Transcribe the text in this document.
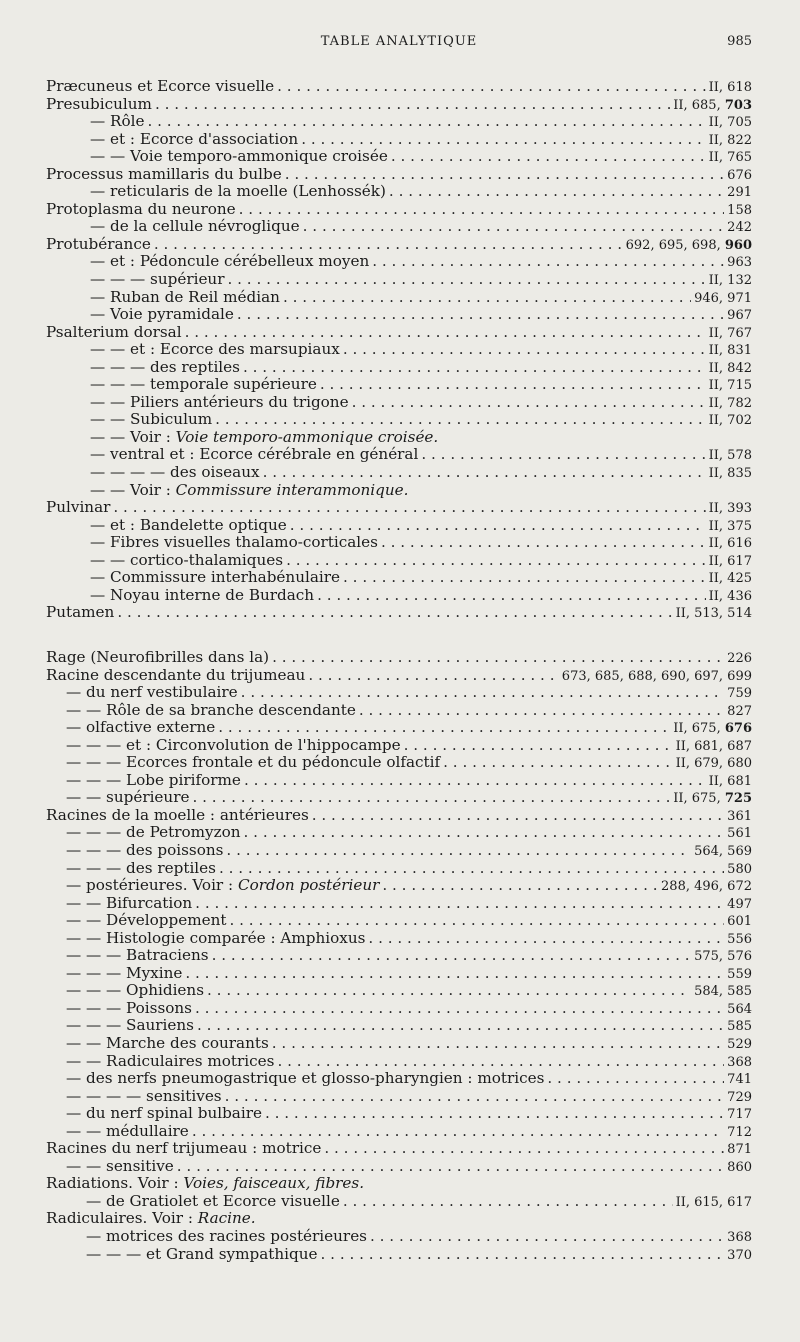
TABLE ANALYTIQUE	985
Præcuneus et Ecorce visuelle . . .	II, 618
Presubiculum . . .	II, 685, 703
— Rôle . . .	II, 705
— et : Ecorce d'association . . .	II, 822
— — Voie temporo-ammonique croisée . . .	II, 765
Processus mamillaris du bulbe . . .	676
— reticularis de la moelle (Lenhossék) . . .	291
Protoplasma du neurone . . .	158
— de la cellule névroglique . . .	242
Protubérance . . .	692, 695, 698, 960
— et : Pédoncule cérébelleux moyen . . .	963
— — — supérieur . . .	II, 132
— Ruban de Reil médian . . .	946, 971
— Voie pyramidale . . .	967
Psalterium dorsal . . .	II, 767
— — et : Ecorce des marsupiaux . . .	II, 831
— — — des reptiles . . .	II, 842
— — — temporale supérieure . . .	II, 715
— — Piliers antérieurs du trigone . . .	II, 782
— — Subiculum . . .	II, 702
— — Voir : Voie temporo-ammonique croisée.
— ventral et : Ecorce cérébrale en général . . .	II, 578
— — — — des oiseaux . . .	II, 835
— — Voir : Commissure interammonique.
Pulvinar . . .	II, 393
— et : Bandelette optique . . .	II, 375
— Fibres visuelles thalamo-corticales . . .	II, 616
— — cortico-thalamiques . . .	II, 617
— Commissure interhabénulaire . . .	II, 425
— Noyau interne de Burdach . . .	II, 436
Putamen . . .	II, 513, 514
Rage (Neurofibrilles dans la) . . .	226
Racine descendante du trijumeau . . .	673, 685, 688, 690, 697, 699
— du nerf vestibulaire . . .	759
— — Rôle de sa branche descendante . . .	827
— olfactive externe . . .	II, 675, 676
— — — et : Circonvolution de l'hippocampe . . .	II, 681, 687
— — — Ecorces frontale et du pédoncule olfactif . . .	II, 679, 680
— — — Lobe piriforme . . .	II, 681
— — supérieure . . .	II, 675, 725
Racines de la moelle : antérieures . . .	361
— — — de Petromyzon . . .	561
— — — des poissons . . .	564, 569
— — — des reptiles . . .	580
— postérieures. Voir : Cordon postérieur . . .	288, 496, 672
— — Bifurcation . . .	497
— — Développement . . .	601
— — Histologie comparée : Amphioxus . . .	556
— — — Batraciens . . .	575, 576
— — — Myxine . . .	559
— — — Ophidiens . . .	584, 585
— — — Poissons . . .	564
— — — Sauriens . . .	585
— — Marche des courants . . .	529
— — Radiculaires motrices . . .	368
— des nerfs pneumogastrique et glosso-pharyngien : motrices . . .	741
— — — — sensitives . . .	729
— du nerf spinal bulbaire . . .	717
— — médullaire . . .	712
Racines du nerf trijumeau : motrice . . .	871
— — sensitive . . .	860
Radiations. Voir : Voies, faisceaux, fibres.
— de Gratiolet et Ecorce visuelle . . .	II, 615, 617
Radiculaires. Voir : Racine.
— motrices des racines postérieures . . .	368
— — — et Grand sympathique . . .	370
